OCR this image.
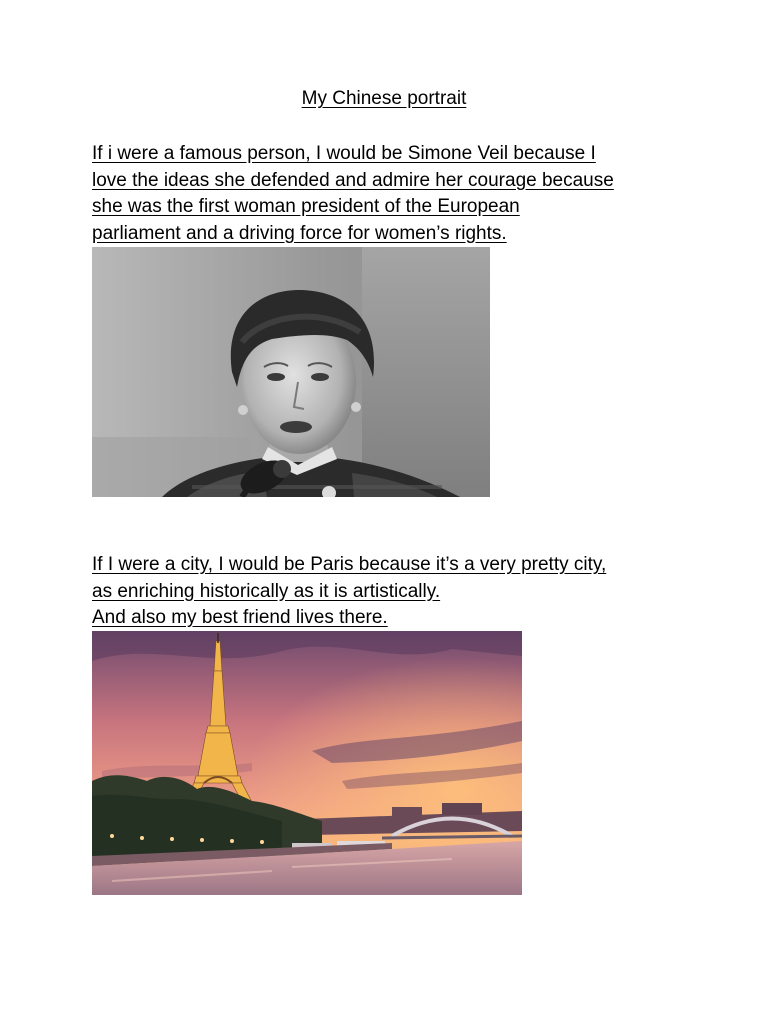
My Chinese portrait

If i were a famous person, I would be Simone Veil because I
love the ideas she defended and admire her courage because
she was the first woman president of the European
parliament and a driving force for women’s rights.

If I were a city, I would be Paris because it’s a very pretty city,
as enriching historically as it is artistically.
And also my best friend lives there.
